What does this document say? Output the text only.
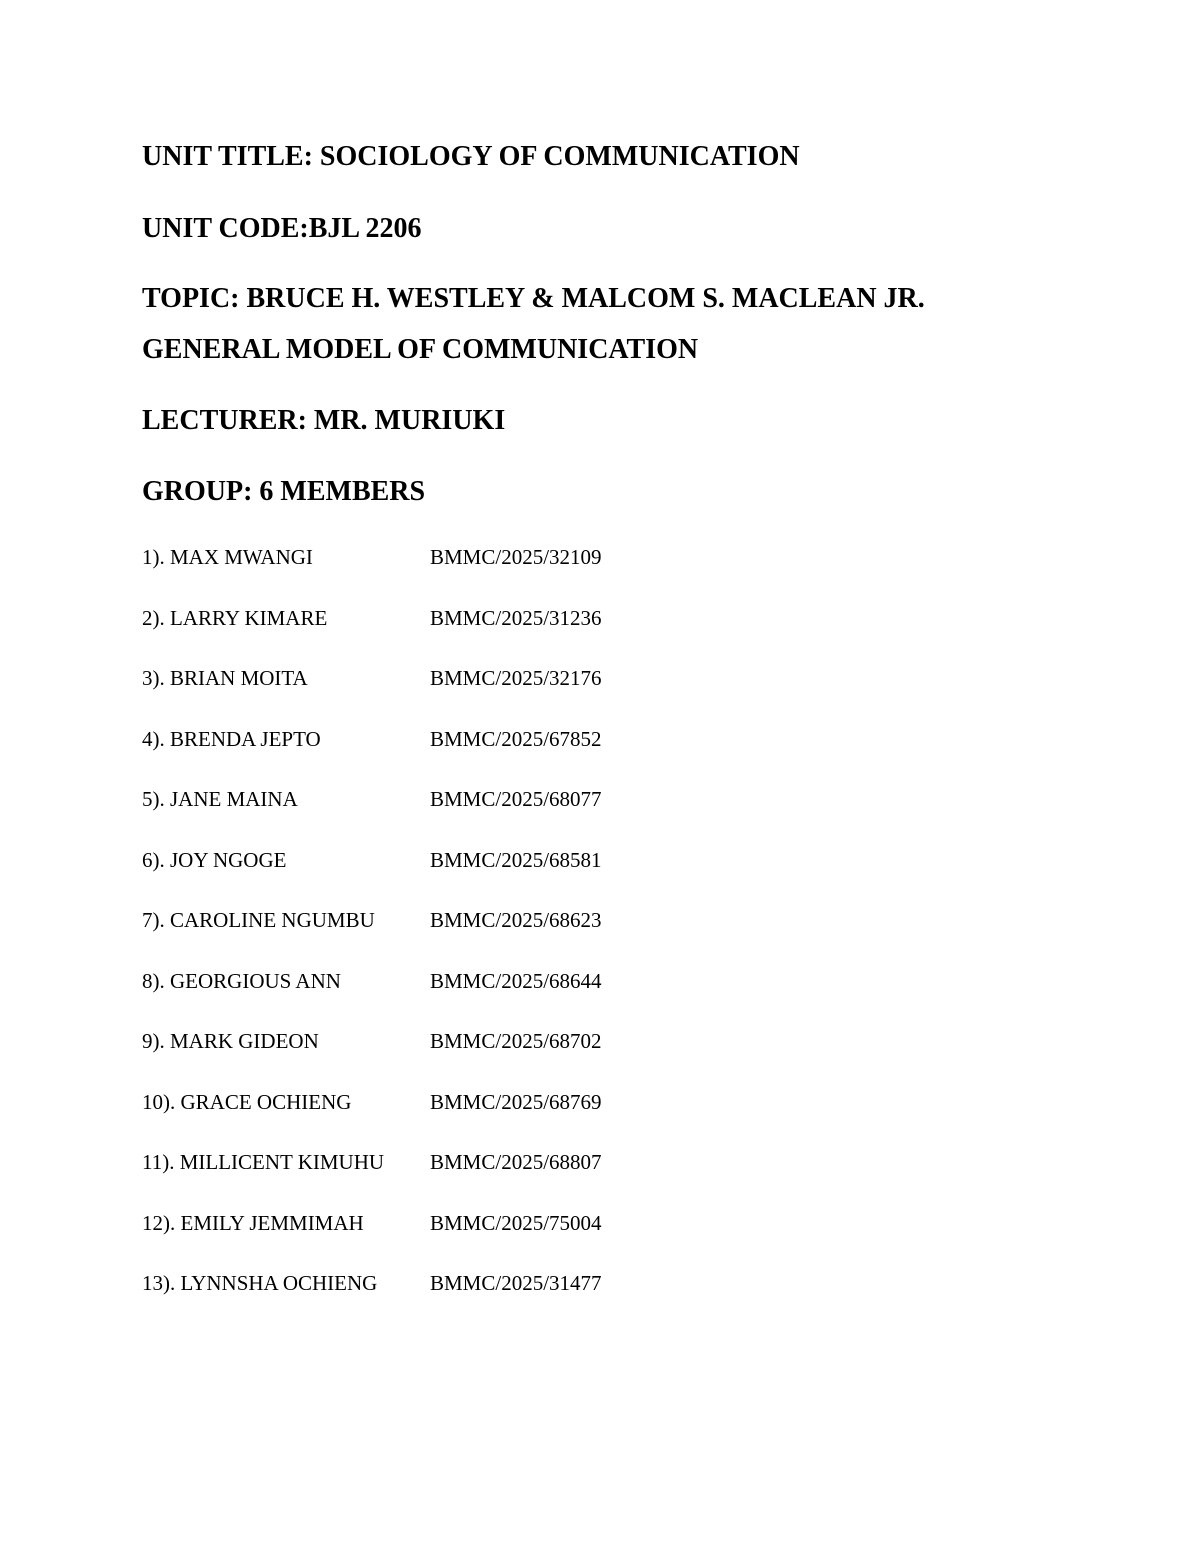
UNIT TITLE: SOCIOLOGY OF COMMUNICATION

UNIT CODE:BJL 2206

TOPIC: BRUCE H. WESTLEY & MALCOM S. MACLEAN JR.

GENERAL MODEL OF COMMUNICATION

LECTURER: MR. MURIUKI

GROUP: 6 MEMBERS

1). MAX MWANGI	BMMC/2025/32109
2). LARRY KIMARE	BMMC/2025/31236
3). BRIAN MOITA	BMMC/2025/32176
4). BRENDA JEPTO	BMMC/2025/67852
5). JANE MAINA	BMMC/2025/68077
6). JOY NGOGE	BMMC/2025/68581
7). CAROLINE NGUMBU	BMMC/2025/68623
8). GEORGIOUS ANN	BMMC/2025/68644
9). MARK GIDEON	BMMC/2025/68702
10). GRACE OCHIENG	BMMC/2025/68769
11). MILLICENT KIMUHU	BMMC/2025/68807
12). EMILY JEMMIMAH	BMMC/2025/75004
13). LYNNSHA OCHIENG	BMMC/2025/31477
